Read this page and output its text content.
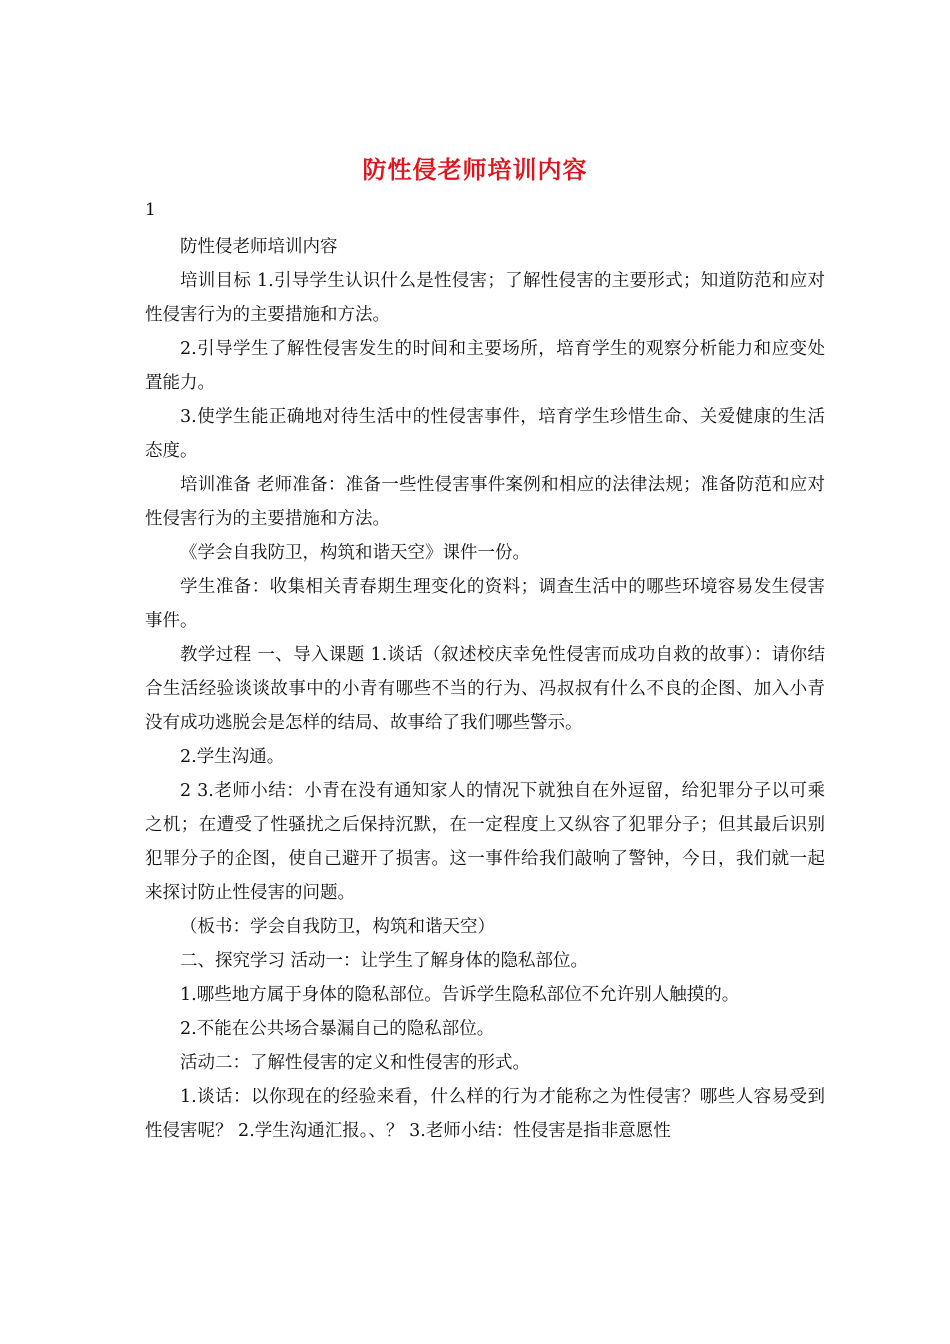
防性侵老师培训内容
1

防性侵老师培训内容

培训目标 1.引导学生认识什么是性侵害；了解性侵害的主要形式；知道防范和应对性侵害行为的主要措施和方法。

2.引导学生了解性侵害发生的时间和主要场所，培育学生的观察分析能力和应变处置能力。

3.使学生能正确地对待生活中的性侵害事件，培育学生珍惜生命、关爱健康的生活态度。

培训准备 老师准备：准备一些性侵害事件案例和相应的法律法规；准备防范和应对性侵害行为的主要措施和方法。

《学会自我防卫，构筑和谐天空》课件一份。

学生准备：收集相关青春期生理变化的资料；调查生活中的哪些环境容易发生侵害事件。

教学过程 一、导入课题 1.谈话（叙述校庆幸免性侵害而成功自救的故事）：请你结合生活经验谈谈故事中的小青有哪些不当的行为、冯叔叔有什么不良的企图、加入小青没有成功逃脱会是怎样的结局、故事给了我们哪些警示。

2.学生沟通。

2 3.老师小结：小青在没有通知家人的情况下就独自在外逗留，给犯罪分子以可乘之机；在遭受了性骚扰之后保持沉默，在一定程度上又纵容了犯罪分子；但其最后识别犯罪分子的企图，使自己避开了损害。这一事件给我们敲响了警钟，今日，我们就一起来探讨防止性侵害的问题。

（板书：学会自我防卫，构筑和谐天空）

二、探究学习 活动一：让学生了解身体的隐私部位。

1.哪些地方属于身体的隐私部位。告诉学生隐私部位不允许别人触摸的。

2.不能在公共场合暴漏自己的隐私部位。

活动二：了解性侵害的定义和性侵害的形式。

1.谈话：以你现在的经验来看，什么样的行为才能称之为性侵害？哪些人容易受到性侵害呢？ 2.学生沟通汇报。、？ 3.老师小结：性侵害是指非意愿性
